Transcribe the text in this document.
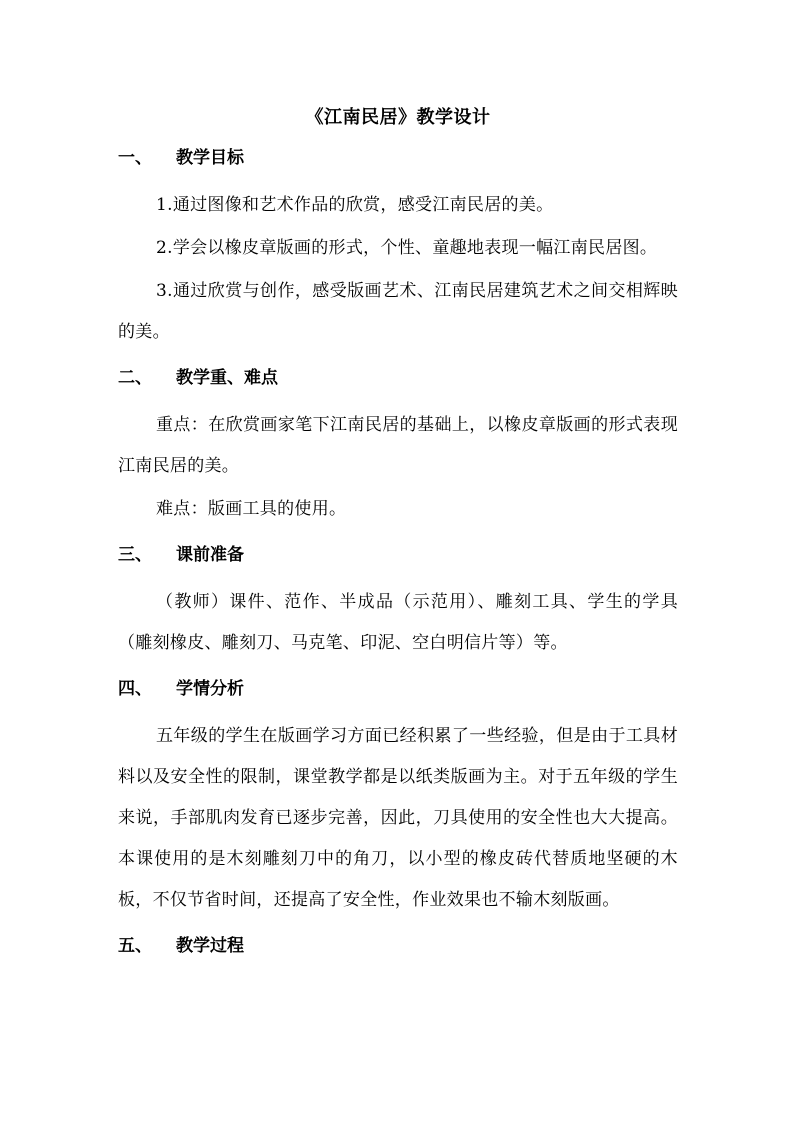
《江南民居》教学设计
一、	教学目标

1.通过图像和艺术作品的欣赏，感受江南民居的美。

2.学会以橡皮章版画的形式，个性、童趣地表现一幅江南民居图。

3.通过欣赏与创作，感受版画艺术、江南民居建筑艺术之间交相辉映的美。

二、	教学重、难点

重点：在欣赏画家笔下江南民居的基础上，以橡皮章版画的形式表现江南民居的美。

难点：版画工具的使用。

三、	课前准备

（教师）课件、范作、半成品（示范用）、雕刻工具、学生的学具（雕刻橡皮、雕刻刀、马克笔、印泥、空白明信片等）等。

四、	学情分析

五年级的学生在版画学习方面已经积累了一些经验，但是由于工具材料以及安全性的限制，课堂教学都是以纸类版画为主。对于五年级的学生来说，手部肌肉发育已逐步完善，因此，刀具使用的安全性也大大提高。本课使用的是木刻雕刻刀中的角刀，以小型的橡皮砖代替质地坚硬的木板，不仅节省时间，还提高了安全性，作业效果也不输木刻版画。

五、	教学过程
